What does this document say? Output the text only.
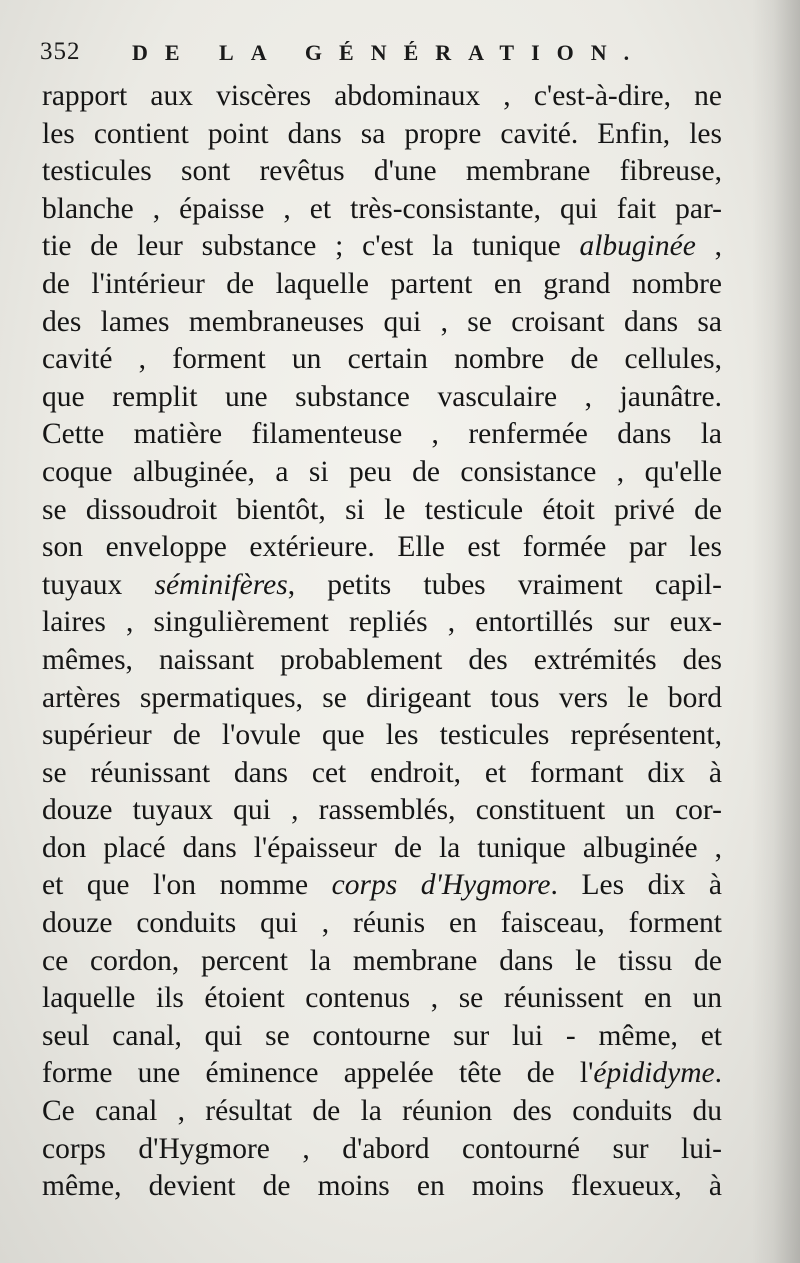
352 DE LA GÉNÉRATION.
rapport aux viscères abdominaux , c'est-à-dire, ne
les contient point dans sa propre cavité. Enfin, les
testicules sont revêtus d'une membrane fibreuse,
blanche , épaisse , et très-consistante, qui fait par-
tie de leur substance ; c'est la tunique albuginée ,
de l'intérieur de laquelle partent en grand nombre
des lames membraneuses qui , se croisant dans sa
cavité , forment un certain nombre de cellules,
que remplit une substance vasculaire , jaunâtre.
Cette matière filamenteuse , renfermée dans la
coque albuginée, a si peu de consistance , qu'elle
se dissoudroit bientôt, si le testicule étoit privé de
son enveloppe extérieure. Elle est formée par les
tuyaux séminifères, petits tubes vraiment capil-
laires , singulièrement repliés , entortillés sur eux-
mêmes, naissant probablement des extrémités des
artères spermatiques, se dirigeant tous vers le bord
supérieur de l'ovule que les testicules représentent,
se réunissant dans cet endroit, et formant dix à
douze tuyaux qui , rassemblés, constituent un cor-
don placé dans l'épaisseur de la tunique albuginée ,
et que l'on nomme corps d'Hygmore. Les dix à
douze conduits qui , réunis en faisceau, forment
ce cordon, percent la membrane dans le tissu de
laquelle ils étoient contenus , se réunissent en un
seul canal, qui se contourne sur lui - même, et
forme une éminence appelée tête de l'épididyme.
Ce canal , résultat de la réunion des conduits du
corps d'Hygmore , d'abord contourné sur lui-
même, devient de moins en moins flexueux, à
